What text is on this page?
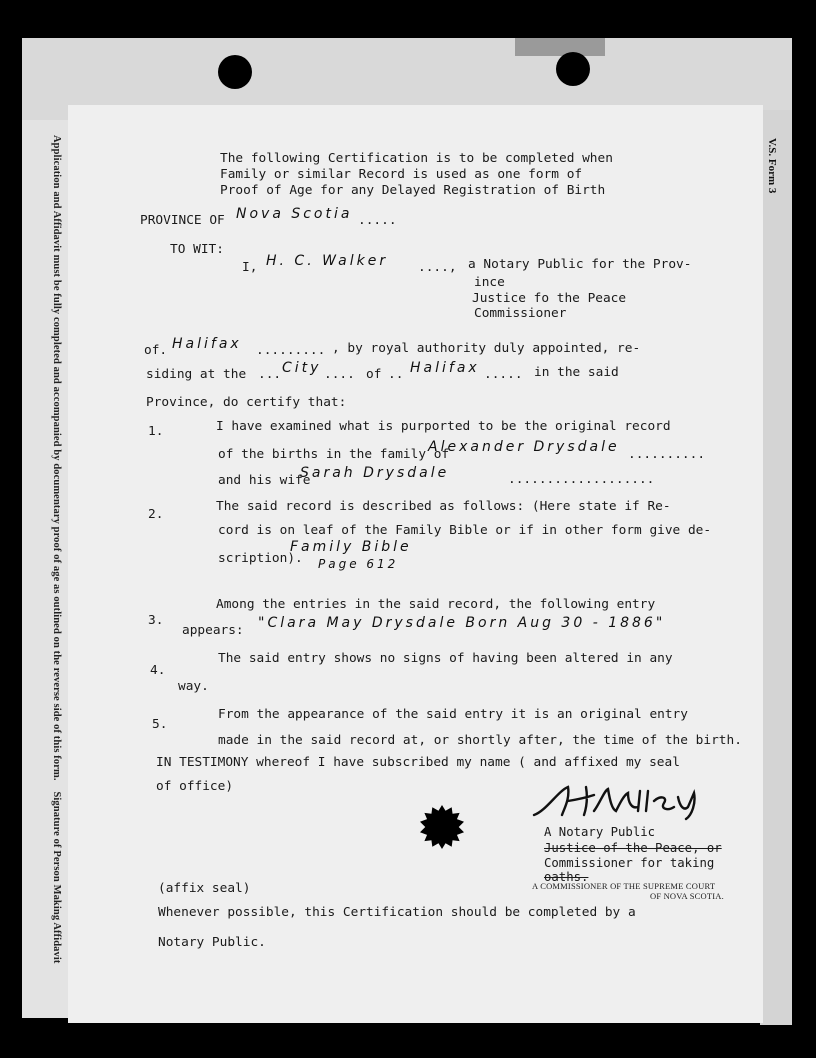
Application and Affidavit must be fully completed and accompanied by documentary proof of age as outlined on the reverse side of this form.    Signature of Person Making Affidavit
V.S. Form 3
The following Certification is to be completed when
Family or similar Record is used as one form of
Proof of Age for any Delayed Registration of Birth
PROVINCE OF Nova Scotia .....
TO WIT:
I, H. C. Walker ...., a Notary Public for the Prov-
ince
Justice fo the Peace
Commissioner
of. Halifax ......... , by royal authority duly appointed, re-
siding at the ... City .... of .. Halifax ..... in the said
Province, do certify that:
1.	I have examined what is purported to be the original record
of the births in the family of
Alexander Drysdale ..........
and his wife
Sarah Drysdale	...................
2.
The said record is described as follows: (Here state if Re-
cord is on leaf of the Family Bible or if in other form give de-
scription).
Family Bible
Page 612
3.
Among the entries in the said record, the following entry
appears: "Clara May Drysdale Born Aug 30 - 1886"
4.
The said entry shows no signs of having been altered in any
way.
5.
From the appearance of the said entry it is an original entry
made in the said record at, or shortly after, the time of the birth.
IN TESTIMONY whereof I have subscribed my name ( and affixed my seal
of office)
A Notary Public
Justice of the Peace, or
Commissioner for taking
oaths.
A COMMISSIONER OF THE SUPREME COURT
OF NOVA SCOTIA.
(affix seal)
Whenever possible, this Certification should be completed by a
Notary Public.
